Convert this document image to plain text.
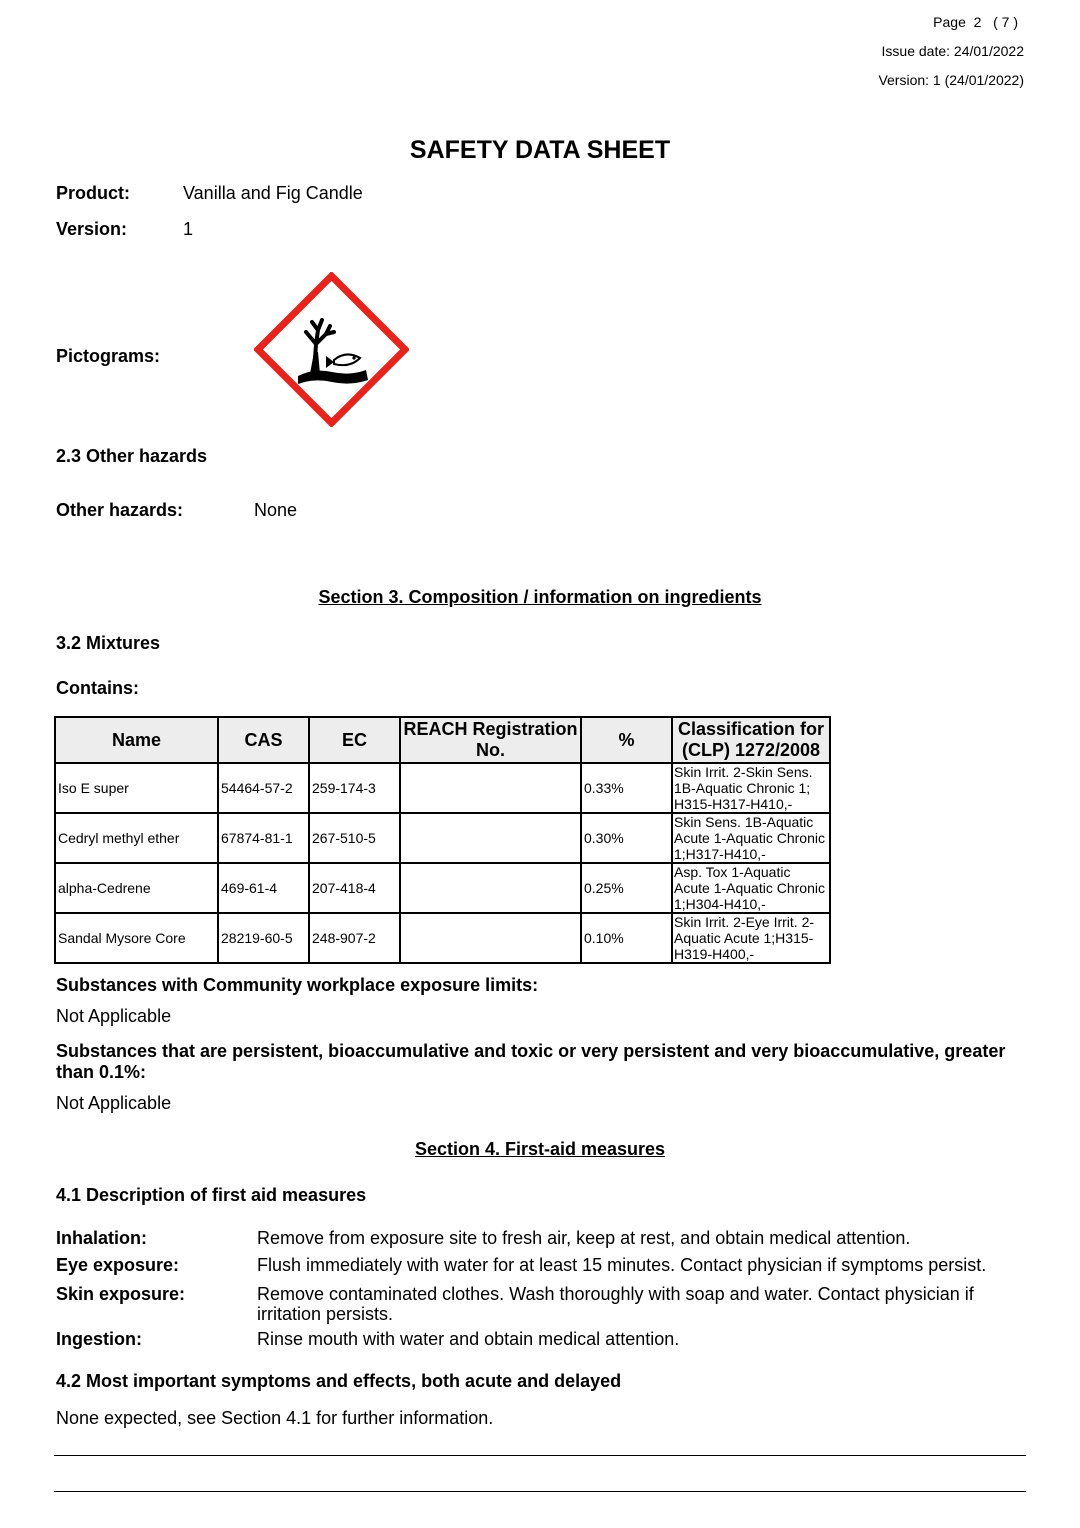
Page  2   ( 7 )
Issue date: 24/01/2022
Version: 1 (24/01/2022)
SAFETY DATA SHEET
Product:	Vanilla and Fig Candle
Version:	1
Pictograms:
2.3 Other hazards
Other hazards:	None
Section 3. Composition / information on ingredients
3.2 Mixtures
Contains:
Name	CAS	EC	REACH Registration No.	%	Classification for (CLP) 1272/2008
Iso E super	54464-57-2	259-174-3		0.33%	Skin Irrit. 2-Skin Sens. 1B-Aquatic Chronic 1; H315-H317-H410,-
Cedryl methyl ether	67874-81-1	267-510-5		0.30%	Skin Sens. 1B-Aquatic Acute 1-Aquatic Chronic 1;H317-H410,-
alpha-Cedrene	469-61-4	207-418-4		0.25%	Asp. Tox 1-Aquatic Acute 1-Aquatic Chronic 1;H304-H410,-
Sandal Mysore Core	28219-60-5	248-907-2		0.10%	Skin Irrit. 2-Eye Irrit. 2-Aquatic Acute 1;H315-H319-H400,-
Substances with Community workplace exposure limits:
Not Applicable
Substances that are persistent, bioaccumulative and toxic or very persistent and very bioaccumulative, greater than 0.1%:
Not Applicable
Section 4. First-aid measures
4.1 Description of first aid measures
Inhalation:	Remove from exposure site to fresh air, keep at rest, and obtain medical attention.
Eye exposure:	Flush immediately with water for at least 15 minutes. Contact physician if symptoms persist.
Skin exposure:	Remove contaminated clothes. Wash thoroughly with soap and water. Contact physician if irritation persists.
Ingestion:	Rinse mouth with water and obtain medical attention.
4.2 Most important symptoms and effects, both acute and delayed
None expected, see Section 4.1 for further information.
